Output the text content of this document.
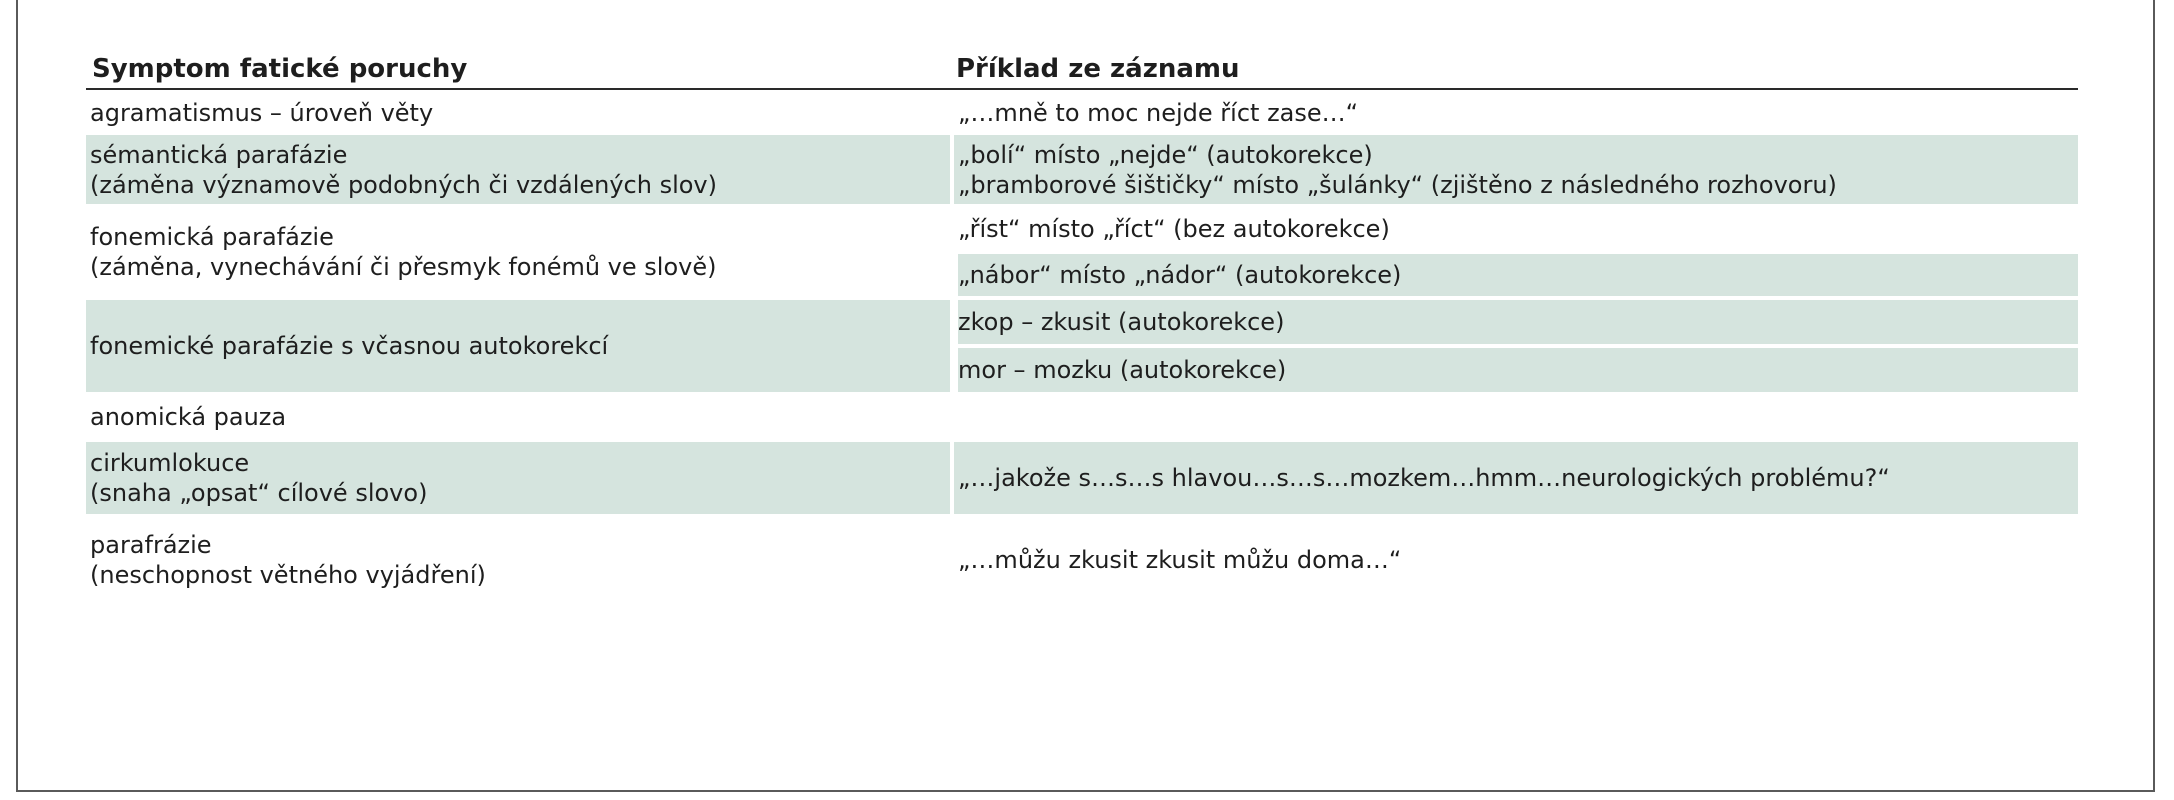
Symptom fatické poruchy	Příklad ze záznamu
agramatismus – úroveň věty	„…mně to moc nejde říct zase…“
sémantická parafázie
(záměna významově podobných či vzdálených slov)
„bolí“ místo „nejde“ (autokorekce)
„bramborové šištičky“ místo „šulánky“ (zjištěno z následného rozhovoru)
fonemická parafázie
(záměna, vynechávání či přesmyk fonémů ve slově)
„říst“ místo „říct“ (bez autokorekce)
„nábor“ místo „nádor“ (autokorekce)
fonemické parafázie s včasnou autokorekcí
zkop – zkusit (autokorekce)
mor – mozku (autokorekce)
anomická pauza
cirkumlokuce
(snaha „opsat“ cílové slovo)
„…jakože s…s…s hlavou…s…s…mozkem…hmm…neurologických problému?“
parafrázie
(neschopnost větného vyjádření)
„…můžu zkusit zkusit můžu doma…“
